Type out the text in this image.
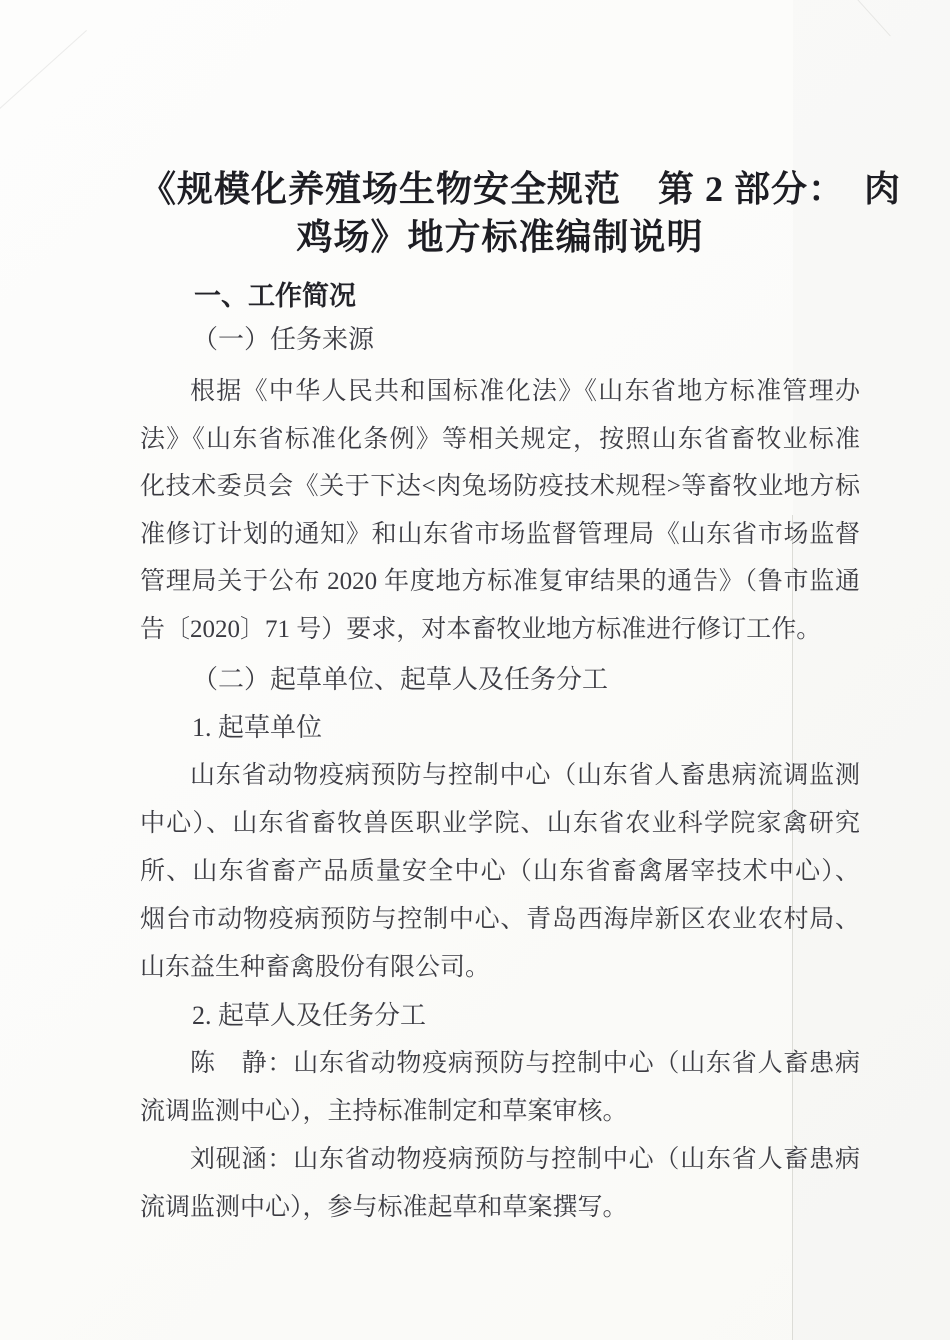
《规模化养殖场生物安全规范　第 2 部分：　肉
鸡场》地方标准编制说明
一、工作简况
（一）任务来源
根据《中华人民共和国标准化法》《山东省地方标准管理办
法》《山东省标准化条例》等相关规定，按照山东省畜牧业标准
化技术委员会《关于下达<肉兔场防疫技术规程>等畜牧业地方标
准修订计划的通知》和山东省市场监督管理局《山东省市场监督
管理局关于公布 2020 年度地方标准复审结果的通告》（鲁市监通
告〔2020〕71 号）要求，对本畜牧业地方标准进行修订工作。
（二）起草单位、起草人及任务分工
1. 起草单位
山东省动物疫病预防与控制中心（山东省人畜患病流调监测
中心）、山东省畜牧兽医职业学院、山东省农业科学院家禽研究
所、山东省畜产品质量安全中心（山东省畜禽屠宰技术中心）、
烟台市动物疫病预防与控制中心、青岛西海岸新区农业农村局、
山东益生种畜禽股份有限公司。
2. 起草人及任务分工
陈　静：山东省动物疫病预防与控制中心（山东省人畜患病
流调监测中心），主持标准制定和草案审核。
刘砚涵：山东省动物疫病预防与控制中心（山东省人畜患病
流调监测中心），参与标准起草和草案撰写。
